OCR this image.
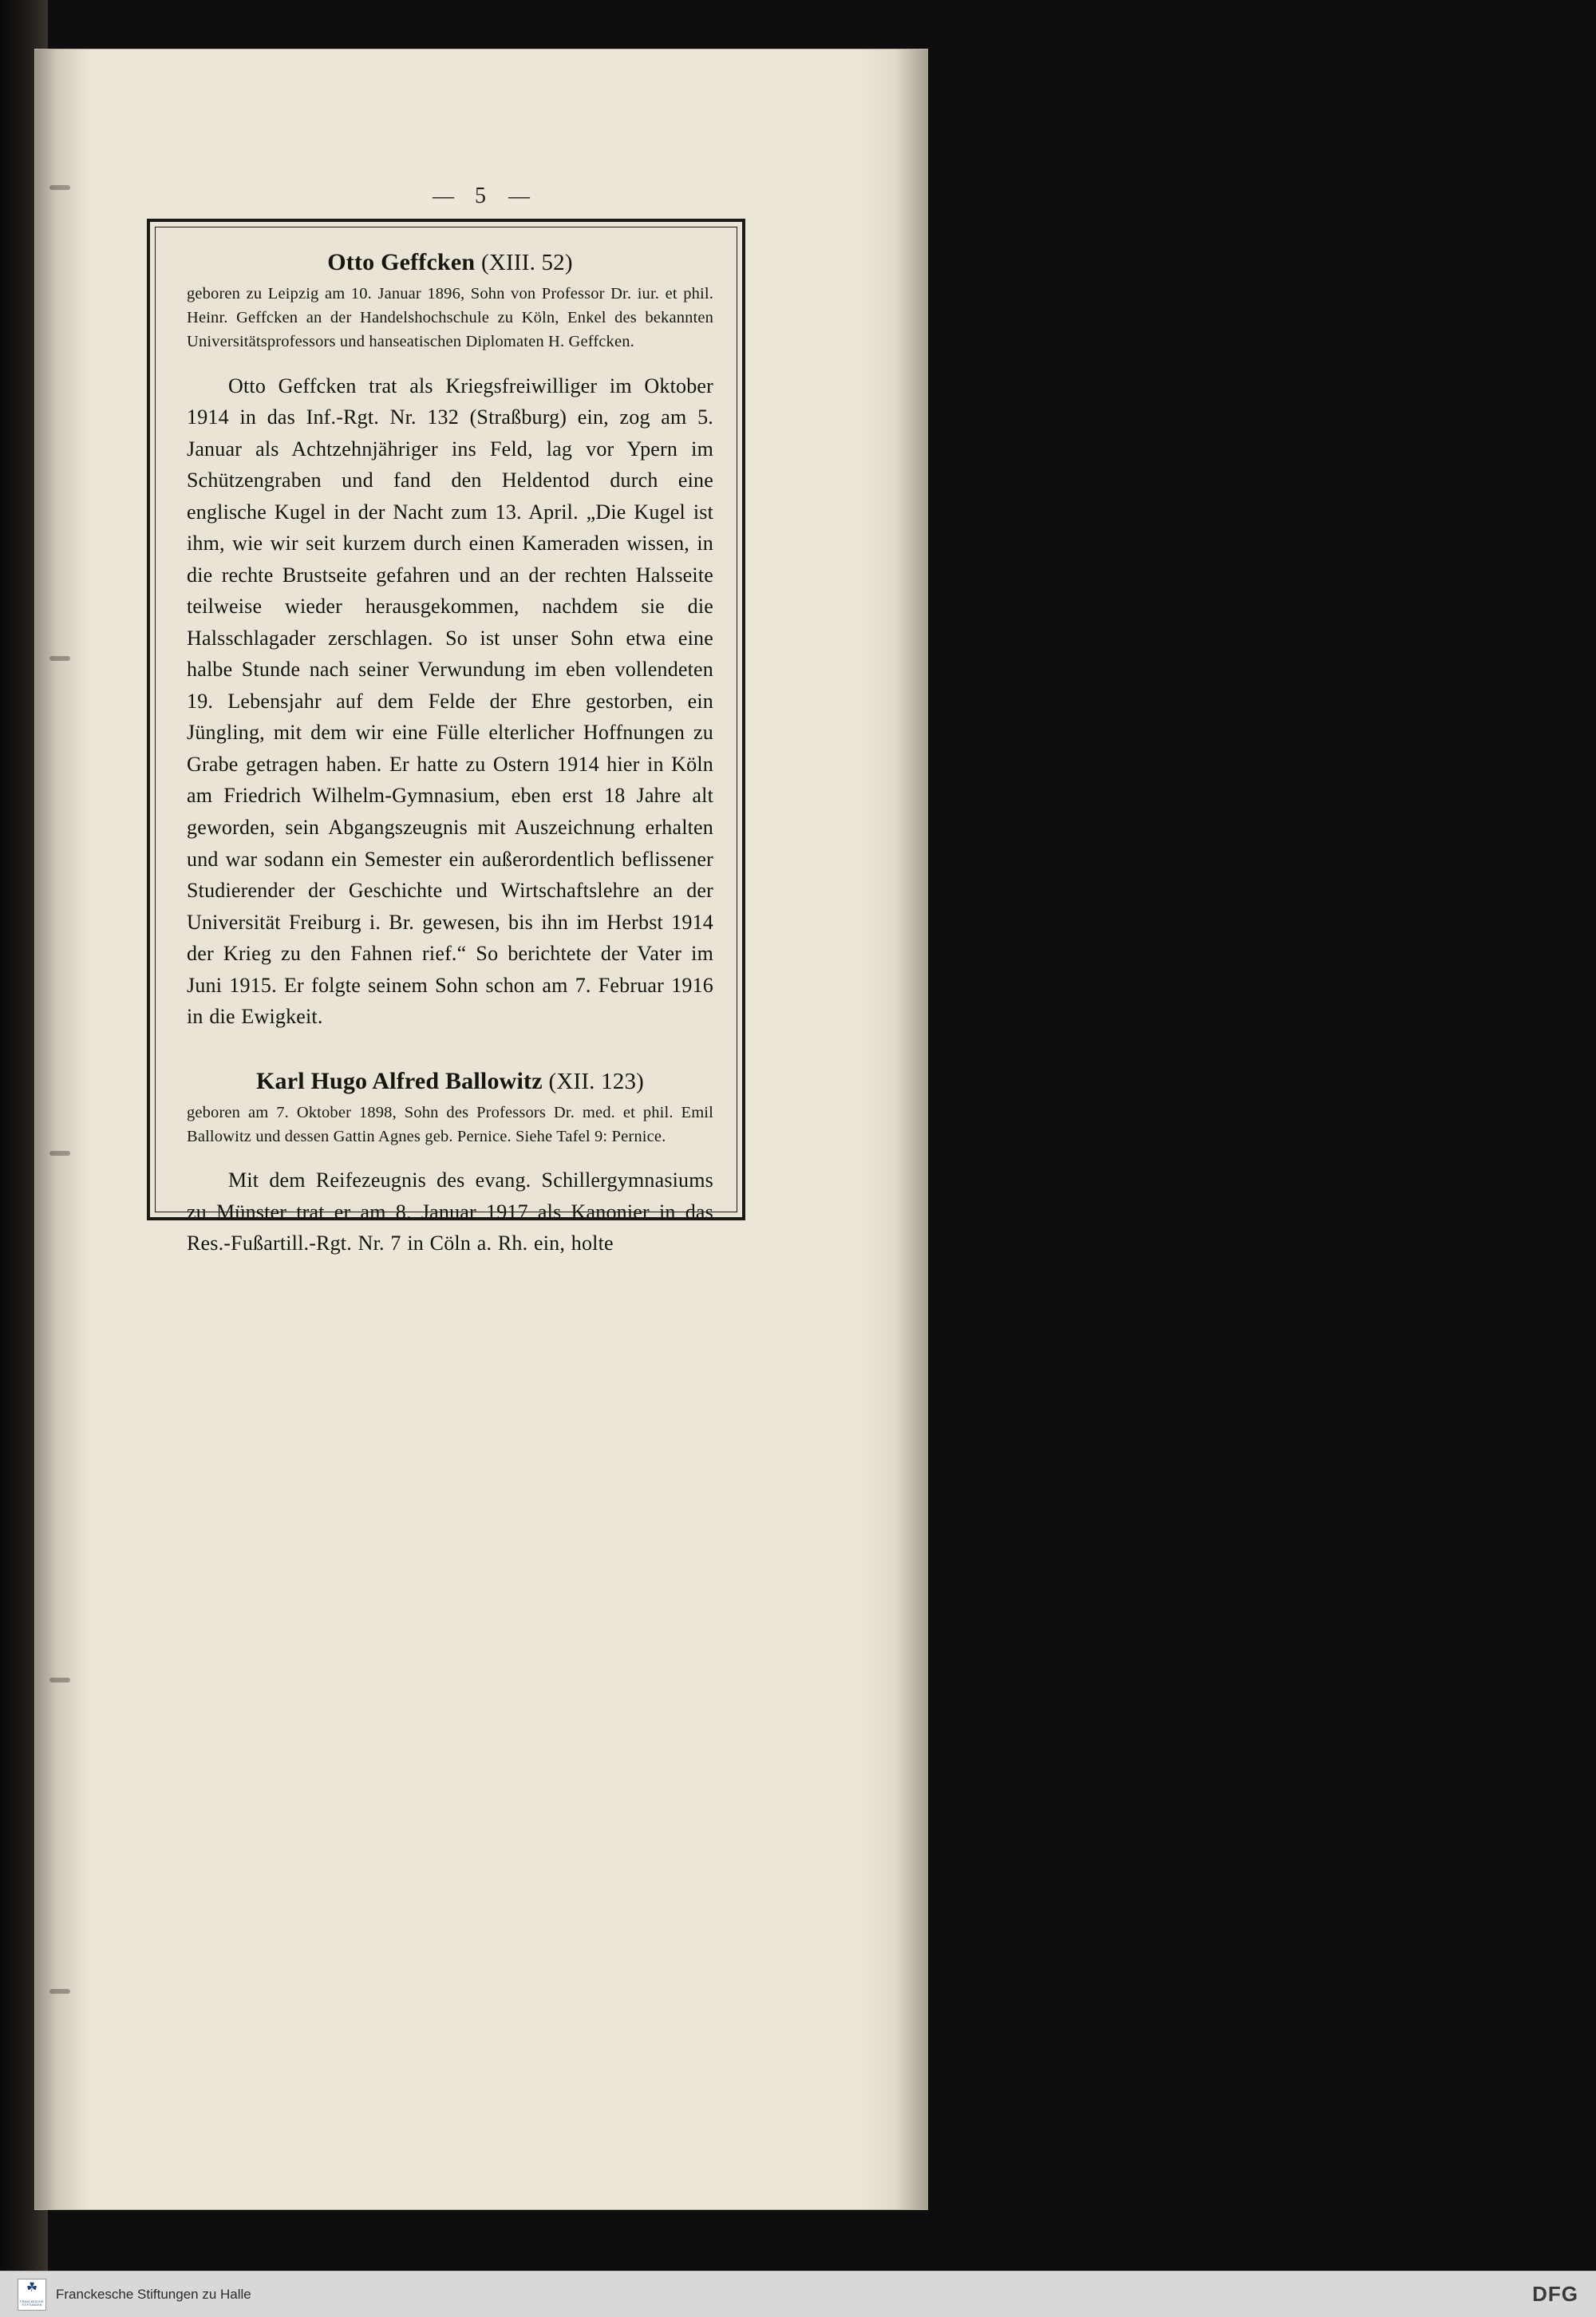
— 5 —

Otto Geffcken (XIII. 52)

geboren zu Leipzig am 10. Januar 1896, Sohn von Professor Dr. iur. et phil. Heinr. Geffcken an der Handelshochschule zu Köln, Enkel des bekannten Universitätsprofessors und hanseatischen Diplomaten H. Geffcken.

Otto Geffcken trat als Kriegsfreiwilliger im Oktober 1914 in das Inf.-Rgt. Nr. 132 (Straßburg) ein, zog am 5. Januar als Achtzehnjähriger ins Feld, lag vor Ypern im Schützengraben und fand den Heldentod durch eine englische Kugel in der Nacht zum 13. April. „Die Kugel ist ihm, wie wir seit kurzem durch einen Kameraden wissen, in die rechte Brustseite gefahren und an der rechten Halsseite teilweise wieder herausgekommen, nachdem sie die Halsschlagader zerschlagen. So ist unser Sohn etwa eine halbe Stunde nach seiner Verwundung im eben vollendeten 19. Lebensjahr auf dem Felde der Ehre gestorben, ein Jüngling, mit dem wir eine Fülle elterlicher Hoffnungen zu Grabe getragen haben. Er hatte zu Ostern 1914 hier in Köln am Friedrich Wilhelm-Gymnasium, eben erst 18 Jahre alt geworden, sein Abgangszeugnis mit Auszeichnung erhalten und war sodann ein Semester ein außerordentlich beflissener Studierender der Geschichte und Wirtschaftslehre an der Universität Freiburg i. Br. gewesen, bis ihn im Herbst 1914 der Krieg zu den Fahnen rief.“ So berichtete der Vater im Juni 1915. Er folgte seinem Sohn schon am 7. Februar 1916 in die Ewigkeit.

Karl Hugo Alfred Ballowitz (XII. 123)

geboren am 7. Oktober 1898, Sohn des Professors Dr. med. et phil. Emil Ballowitz und dessen Gattin Agnes geb. Pernice. Siehe Tafel 9: Pernice.

Mit dem Reifezeugnis des evang. Schillergymnasiums zu Münster trat er am 8. Januar 1917 als Kanonier in das Res.-Fußartill.-Rgt. Nr. 7 in Cöln a. Rh. ein, holte

☘
FRANCKESCHE
STIFTUNGEN
Franckesche Stiftungen zu Halle	DFG
